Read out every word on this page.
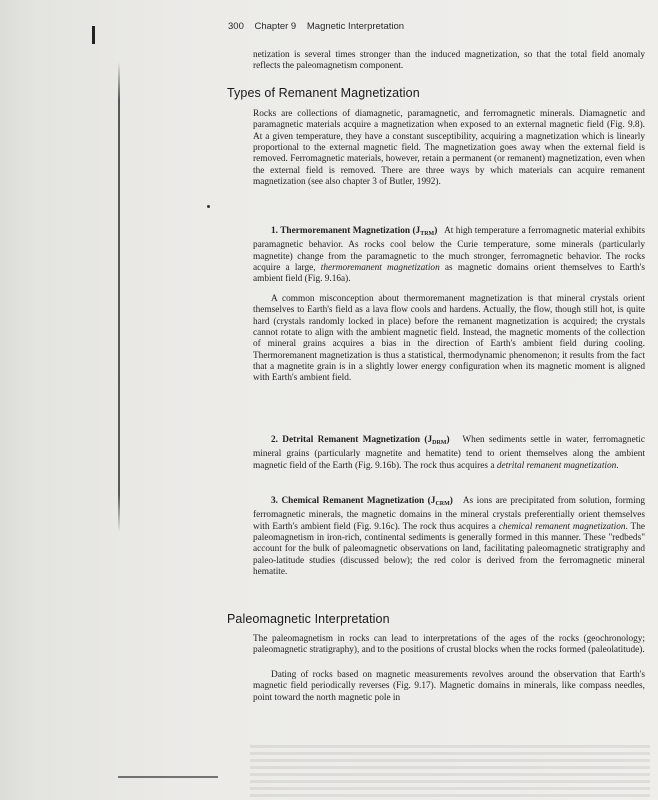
300 Chapter 9 Magnetic Interpretation

netization is several times stronger than the induced magnetization, so that the total field anomaly reflects the paleomagnetism component.

Types of Remanent Magnetization

Rocks are collections of diamagnetic, paramagnetic, and ferromagnetic minerals. Diamagnetic and paramagnetic materials acquire a magnetization when exposed to an external magnetic field (Fig. 9.8). At a given temperature, they have a constant susceptibility, acquiring a magnetization which is linearly proportional to the external magnetic field. The magnetization goes away when the external field is removed. Ferromagnetic materials, however, retain a permanent (or remanent) magnetization, even when the external field is removed. There are three ways by which materials can acquire remanent magnetization (see also chapter 3 of Butler, 1992).

1. Thermoremanent Magnetization $(J_{TRM})$ At high temperature a ferromagnetic material exhibits paramagnetic behavior. As rocks cool below the Curie temperature, some minerals (particularly magnetite) change from the paramagnetic to the much stronger, ferromagnetic behavior. The rocks acquire a large, thermoremanent magnetization as magnetic domains orient themselves to Earth's ambient field (Fig. 9.16a).

A common misconception about thermoremanent magnetization is that mineral crystals orient themselves to Earth's field as a lava flow cools and hardens. Actually, the flow, though still hot, is quite hard (crystals randomly locked in place) before the remanent magnetization is acquired; the crystals cannot rotate to align with the ambient magnetic field. Instead, the magnetic moments of the collection of mineral grains acquires a bias in the direction of Earth's ambient field during cooling. Thermoremanent magnetization is thus a statistical, thermodynamic phenomenon; it results from the fact that a magnetite grain is in a slightly lower energy configuration when its magnetic moment is aligned with Earth's ambient field.

2. Detrital Remanent Magnetization $(J_{DRM})$ When sediments settle in water, ferromagnetic mineral grains (particularly magnetite and hematite) tend to orient themselves along the ambient magnetic field of the Earth (Fig. 9.16b). The rock thus acquires a detrital remanent magnetization.

3. Chemical Remanent Magnetization $(J_{CRM})$ As ions are precipitated from solution, forming ferromagnetic minerals, the magnetic domains in the mineral crystals preferentially orient themselves with Earth's ambient field (Fig. 9.16c). The rock thus acquires a chemical remanent magnetization. The paleomagnetism in iron-rich, continental sediments is generally formed in this manner. These "redbeds" account for the bulk of paleomagnetic observations on land, facilitating paleomagnetic stratigraphy and paleo-latitude studies (discussed below); the red color is derived from the ferromagnetic mineral hematite.

Paleomagnetic Interpretation

The paleomagnetism in rocks can lead to interpretations of the ages of the rocks (geochronology; paleomagnetic stratigraphy), and to the positions of crustal blocks when the rocks formed (paleolatitude).

Dating of rocks based on magnetic measurements revolves around the observation that Earth's magnetic field periodically reverses (Fig. 9.17). Magnetic domains in minerals, like compass needles, point toward the north magnetic pole in
